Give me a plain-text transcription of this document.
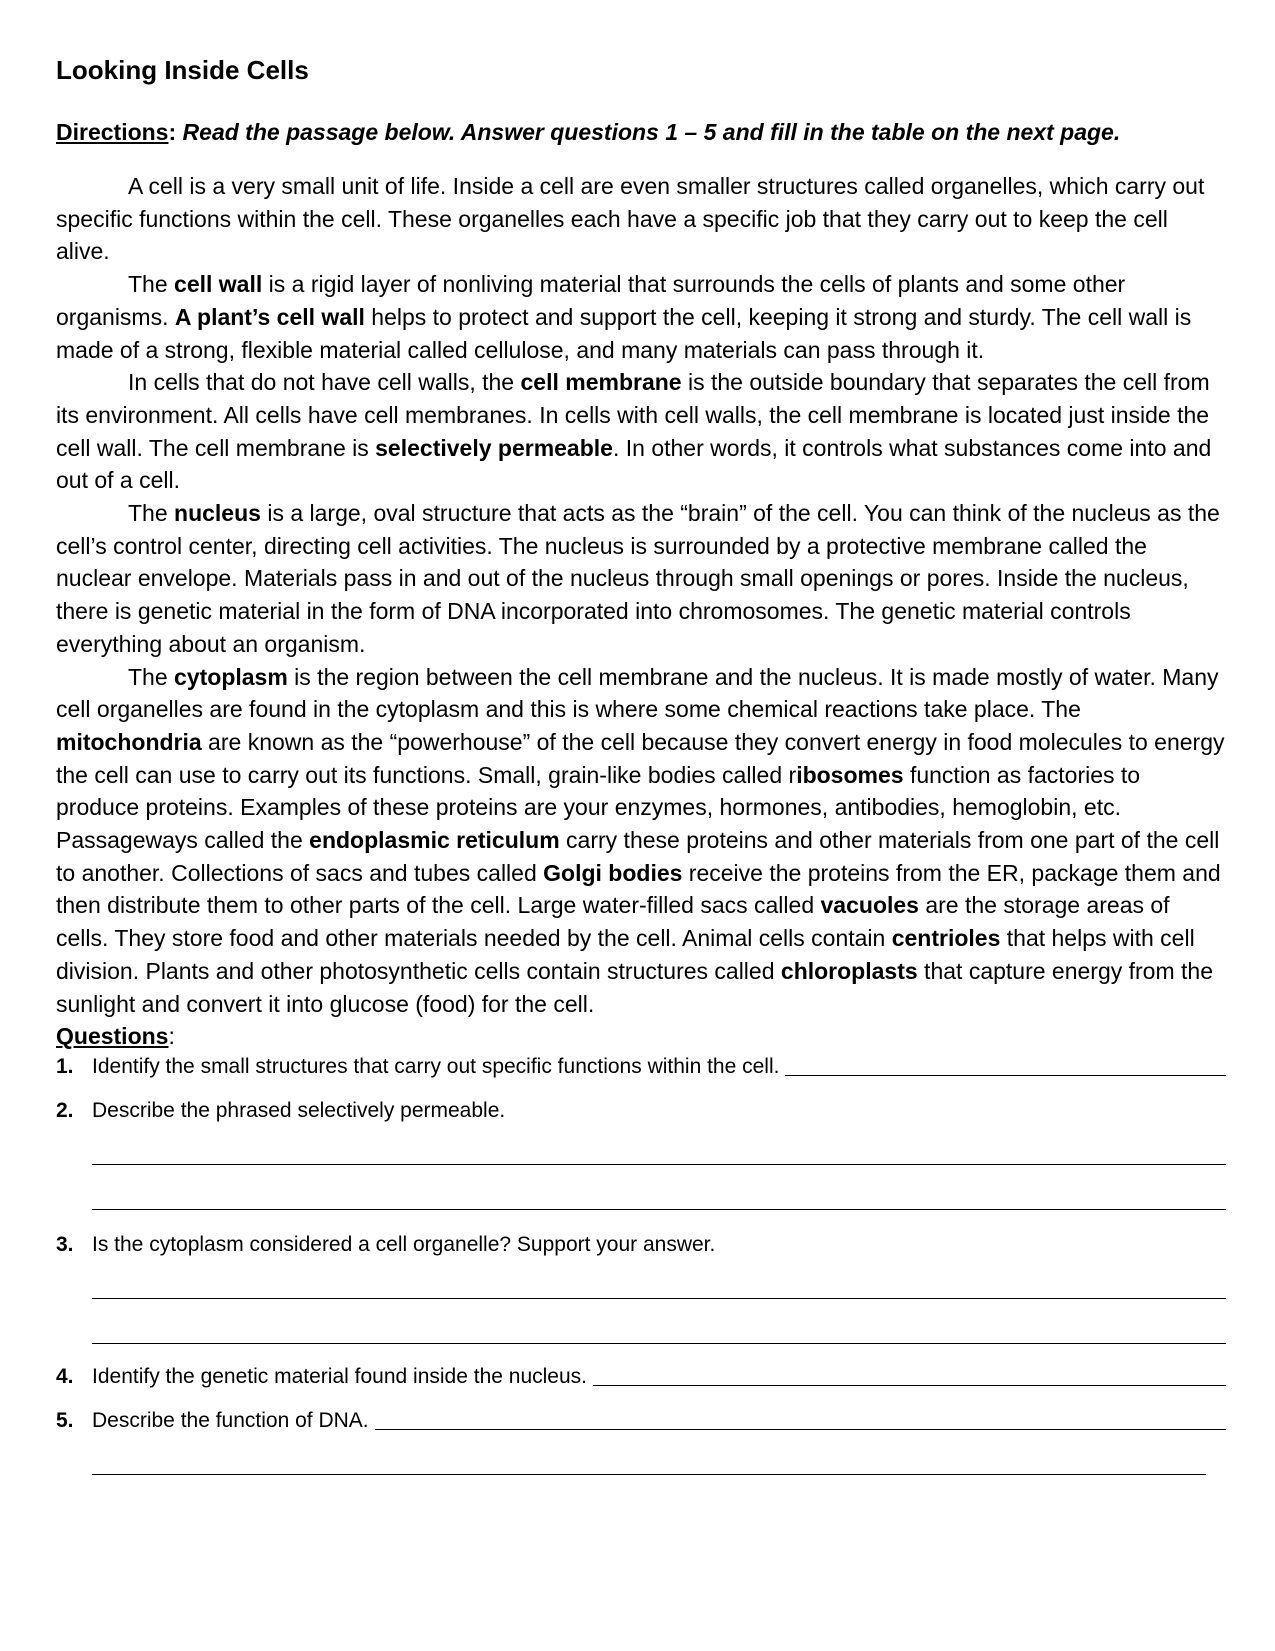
Looking Inside Cells
Directions: Read the passage below. Answer questions 1 – 5 and fill in the table on the next page.

A cell is a very small unit of life. Inside a cell are even smaller structures called organelles, which carry out specific functions within the cell. These organelles each have a specific job that they carry out to keep the cell alive.

The cell wall is a rigid layer of nonliving material that surrounds the cells of plants and some other organisms. A plant’s cell wall helps to protect and support the cell, keeping it strong and sturdy. The cell wall is made of a strong, flexible material called cellulose, and many materials can pass through it.

In cells that do not have cell walls, the cell membrane is the outside boundary that separates the cell from its environment. All cells have cell membranes. In cells with cell walls, the cell membrane is located just inside the cell wall. The cell membrane is selectively permeable. In other words, it controls what substances come into and out of a cell.

The nucleus is a large, oval structure that acts as the “brain” of the cell. You can think of the nucleus as the cell’s control center, directing cell activities. The nucleus is surrounded by a protective membrane called the nuclear envelope. Materials pass in and out of the nucleus through small openings or pores. Inside the nucleus, there is genetic material in the form of DNA incorporated into chromosomes. The genetic material controls everything about an organism.

The cytoplasm is the region between the cell membrane and the nucleus. It is made mostly of water. Many cell organelles are found in the cytoplasm and this is where some chemical reactions take place. The mitochondria are known as the “powerhouse” of the cell because they convert energy in food molecules to energy the cell can use to carry out its functions. Small, grain-like bodies called ribosomes function as factories to produce proteins. Examples of these proteins are your enzymes, hormones, antibodies, hemoglobin, etc. Passageways called the endoplasmic reticulum carry these proteins and other materials from one part of the cell to another. Collections of sacs and tubes called Golgi bodies receive the proteins from the ER, package them and then distribute them to other parts of the cell. Large water-filled sacs called vacuoles are the storage areas of cells. They store food and other materials needed by the cell. Animal cells contain centrioles that helps with cell division. Plants and other photosynthetic cells contain structures called chloroplasts that capture energy from the sunlight and convert it into glucose (food) for the cell.

Questions:
1. Identify the small structures that carry out specific functions within the cell.
2. Describe the phrased selectively permeable.
3. Is the cytoplasm considered a cell organelle? Support your answer.
4. Identify the genetic material found inside the nucleus.
5. Describe the function of DNA.
